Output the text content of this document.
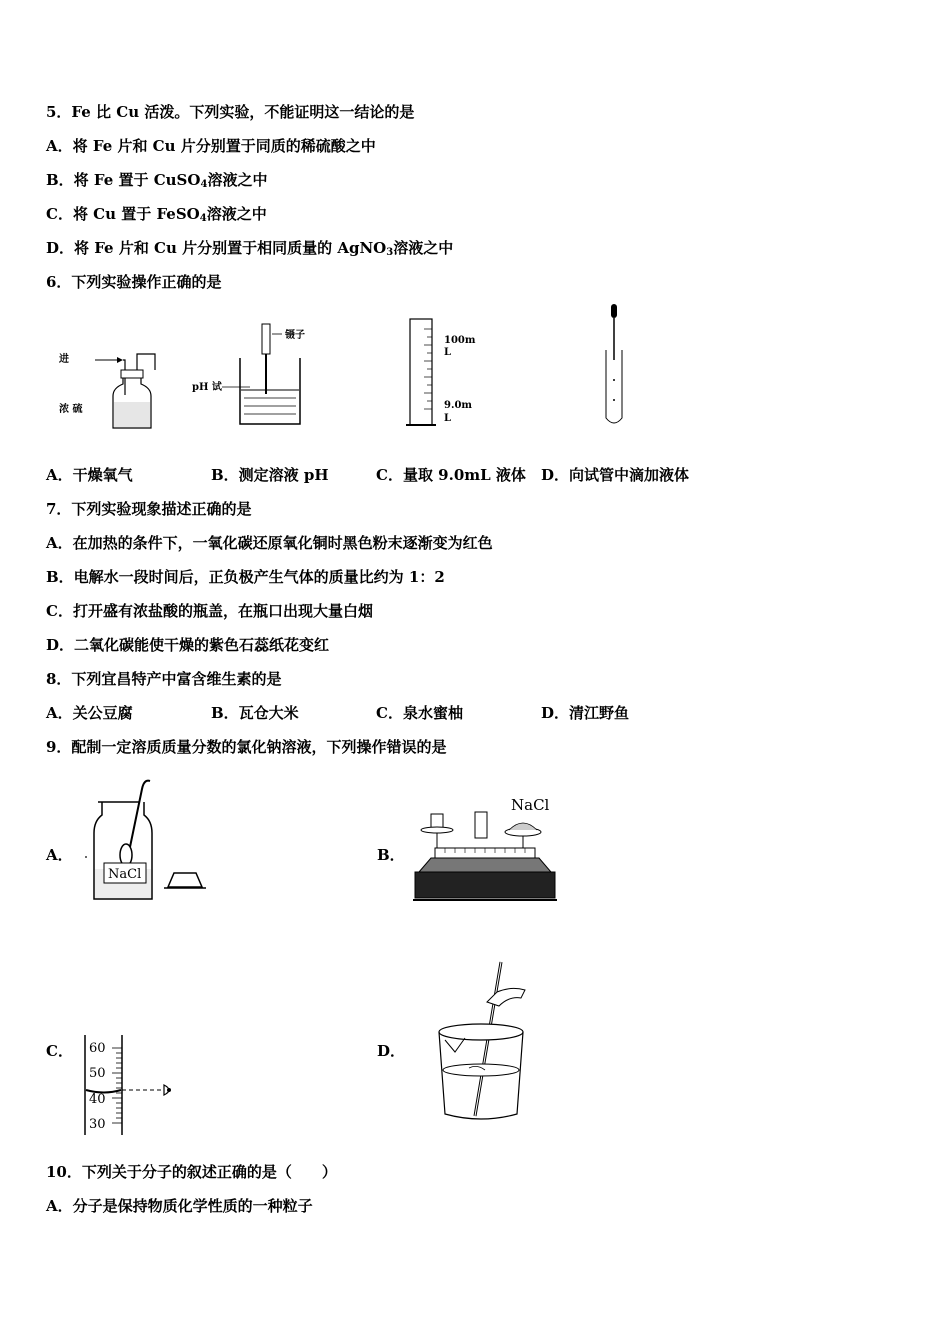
5．Fe 比 Cu 活泼。下列实验，不能证明这一结论的是
A．将 Fe 片和 Cu 片分别置于同质的稀硫酸之中
B．将 Fe 置于 CuSO$_4$溶液之中
C．将 Cu 置于 FeSO$_4$溶液之中
D．将 Fe 片和 Cu 片分别置于相同质量的 AgNO$_3$溶液之中
6．下列实验操作正确的是
进
浓 硫
镊子
pH 试
100m
L
9.0m
L
A．干燥氧气	B．测定溶液 pH	C．量取 9.0mL 液体 D．向试管中滴加液体
7．下列实验现象描述正确的是
A．在加热的条件下，一氧化碳还原氧化铜时黑色粉末逐渐变为红色
B．电解水一段时间后，正负极产生气体的质量比约为 1：2
C．打开盛有浓盐酸的瓶盖，在瓶口出现大量白烟
D．二氧化碳能使干燥的紫色石蕊纸花变红
8．下列宜昌特产中富含维生素的是
A．关公豆腐	B．瓦仓大米	C．泉水蜜柚	D．清江野鱼
9．配制一定溶质质量分数的氯化钠溶液，下列操作错误的是
A．	B．
C．	D．
NaCl
NaCl
60
50
40
30
10．下列关于分子的叙述正确的是（　　）
A．分子是保持物质化学性质的一种粒子
